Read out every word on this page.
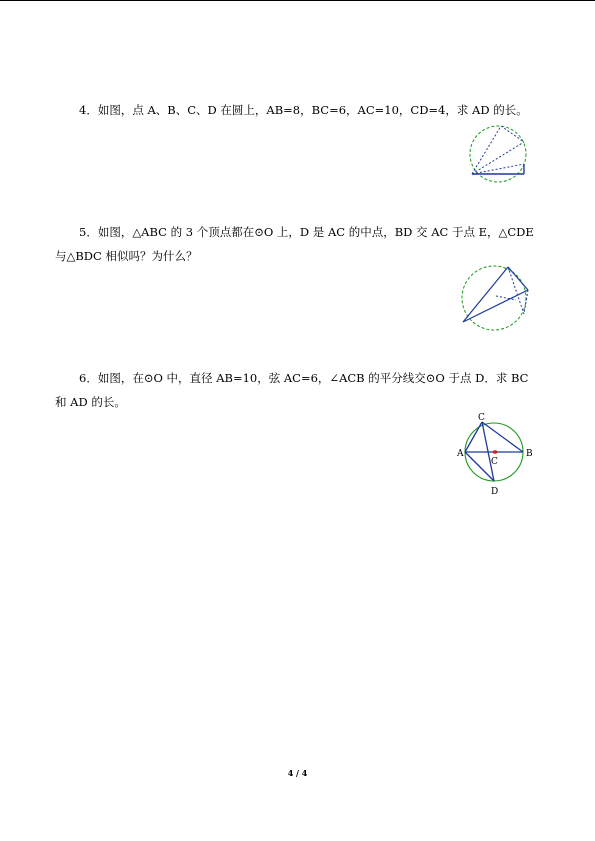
4．如图，点 A、B、C、D 在圆上，AB=8，BC=6，AC=10，CD=4，求 AD 的长。
5．如图，△ABC 的 3 个顶点都在⊙O 上，D 是 AC 的中点，BD 交 AC 于点 E，△CDE
与△BDC 相似吗？为什么？
6．如图，在⊙O 中，直径 AB=10，弦 AC=6，∠ACB 的平分线交⊙O 于点 D．求 BC
和 AD 的长。
C
A	B
C
D
4 / 4
